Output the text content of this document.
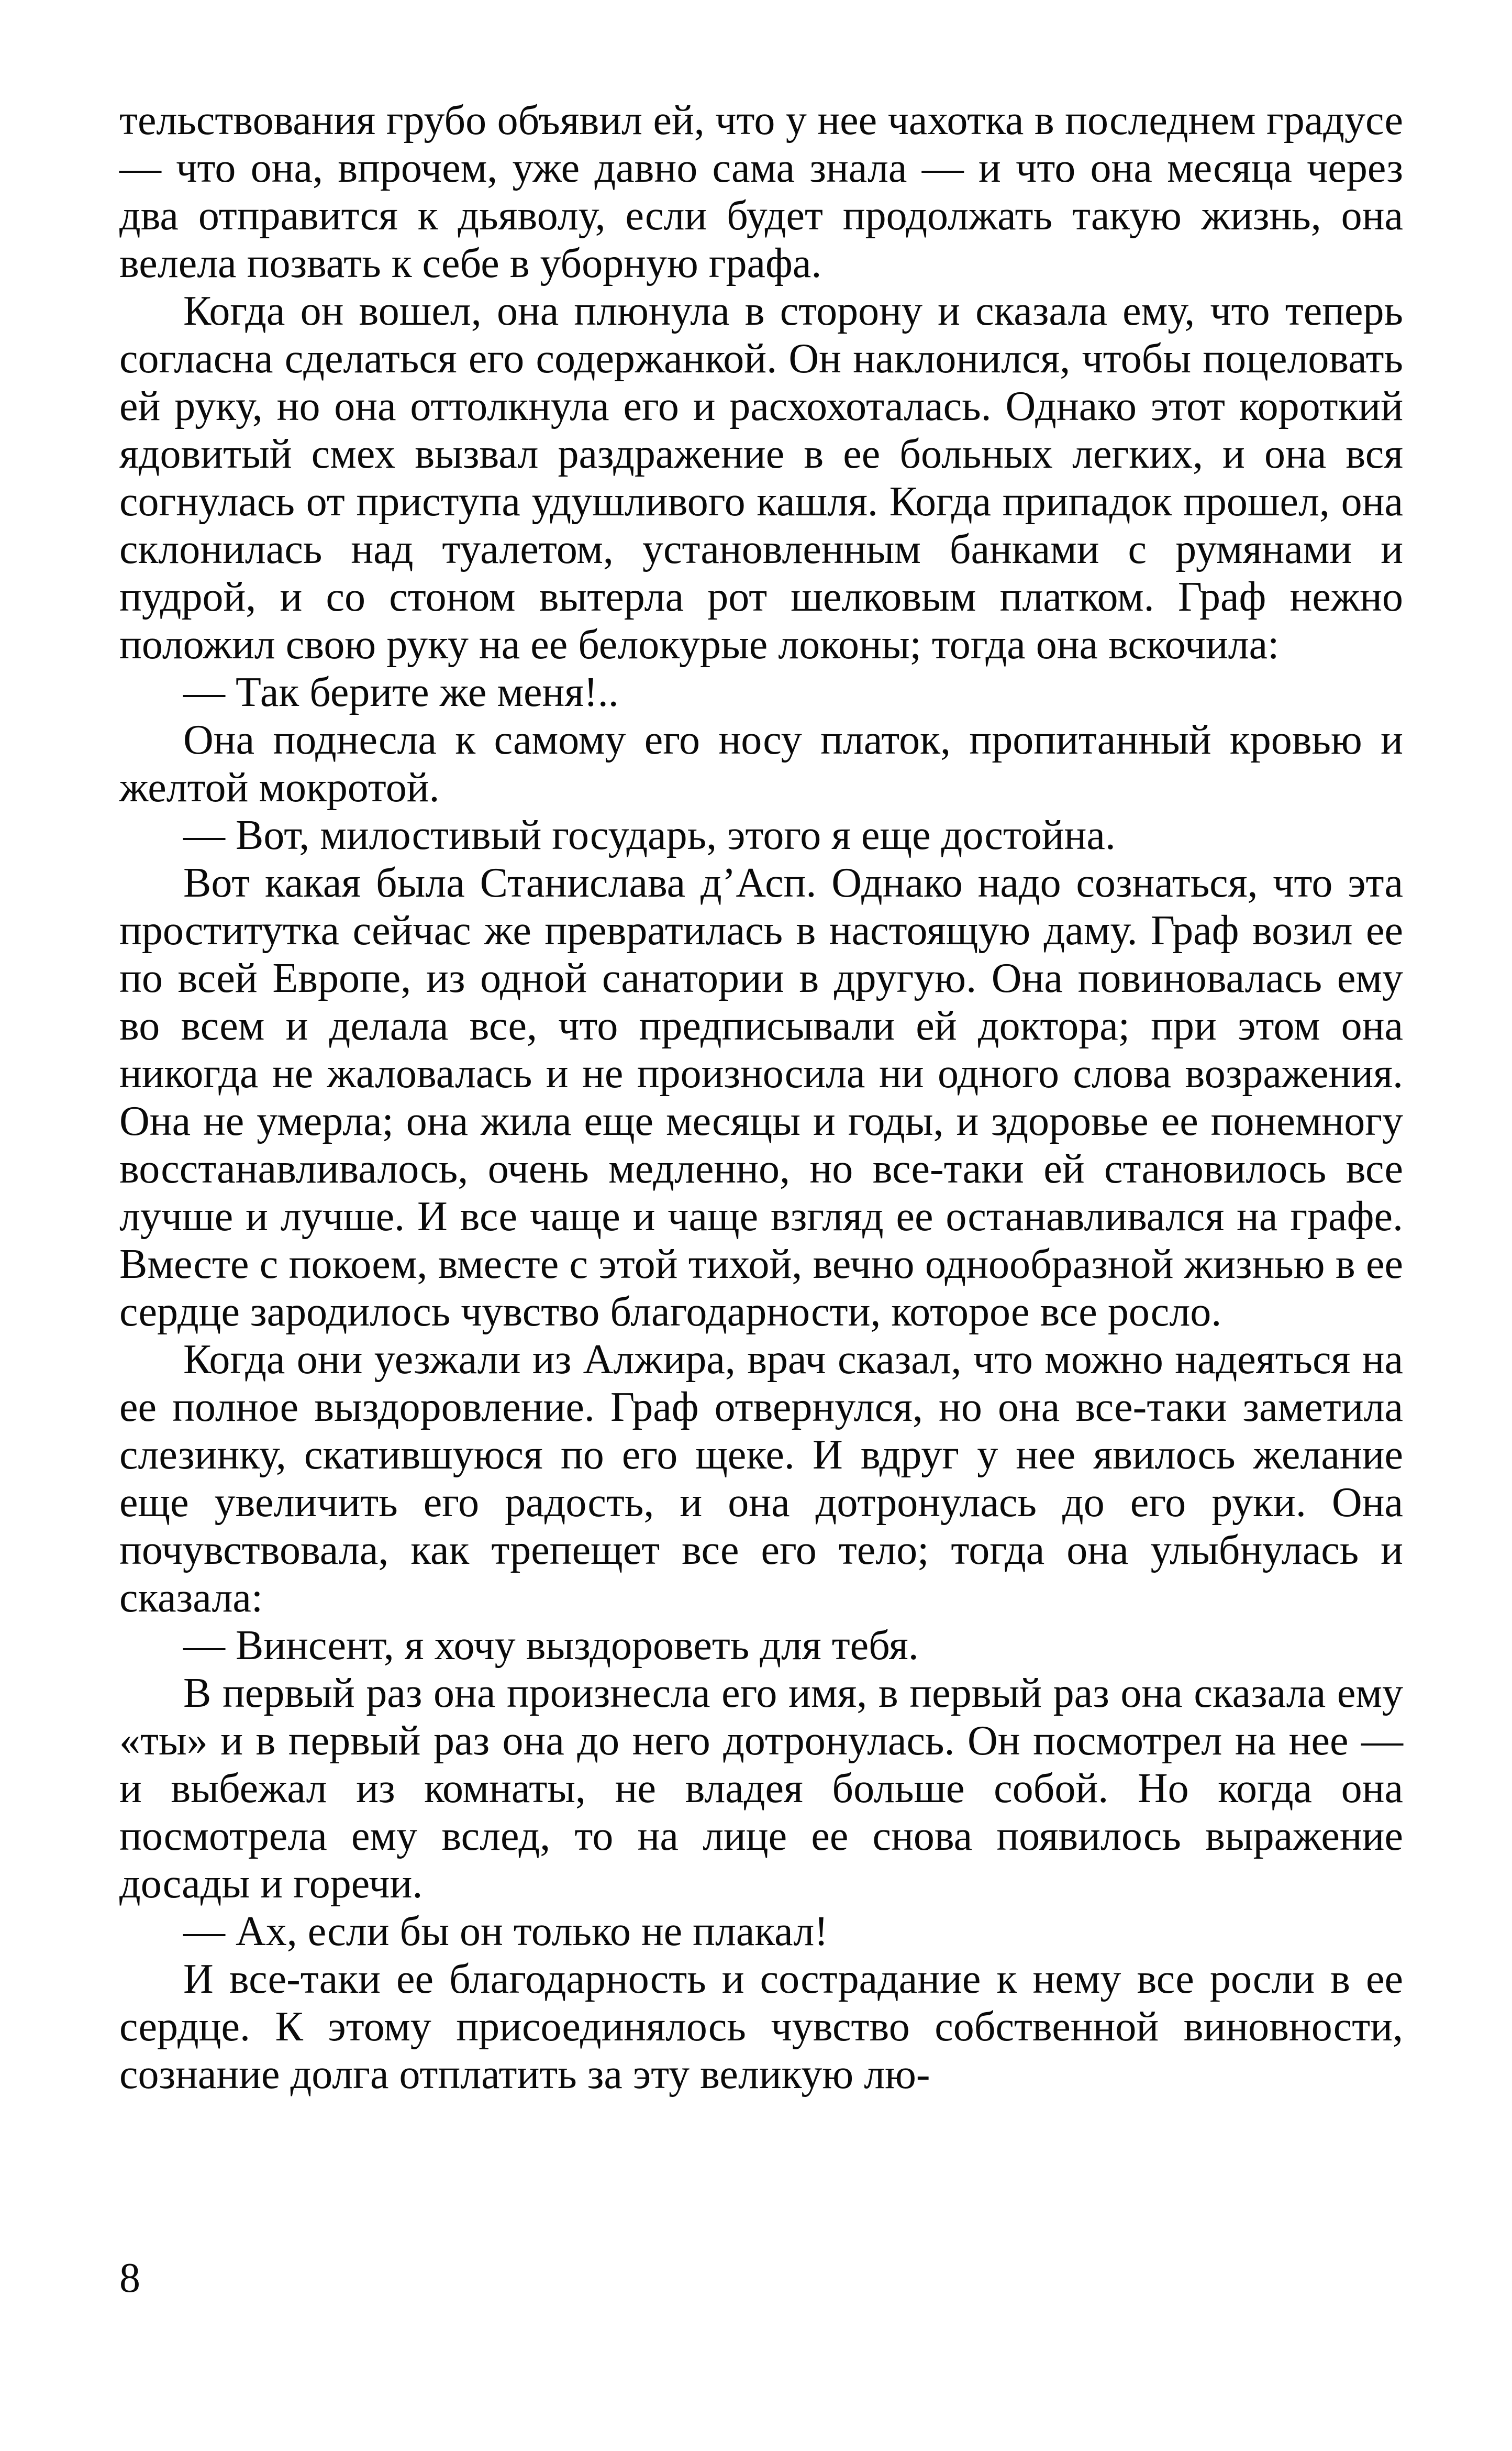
тельствования грубо объявил ей, что у нее чахотка в последнем градусе — что она, впрочем, уже давно сама знала — и что она месяца через два отправится к дьяволу, если будет продолжать такую жизнь, она велела позвать к себе в уборную графа.

Когда он вошел, она плюнула в сторону и сказала ему, что теперь согласна сделаться его содержанкой. Он наклонился, чтобы поцеловать ей руку, но она оттолкнула его и расхохоталась. Однако этот короткий ядовитый смех вызвал раздражение в ее больных легких, и она вся согнулась от приступа удушливого кашля. Когда припадок прошел, она склонилась над туалетом, установленным банками с румянами и пудрой, и со стоном вытерла рот шелковым платком. Граф нежно положил свою руку на ее белокурые локоны; тогда она вскочила:

— Так берите же меня!..

Она поднесла к самому его носу платок, пропитанный кровью и желтой мокротой.

— Вот, милостивый государь, этого я еще достойна.

Вот какая была Станислава д’Асп. Однако надо сознаться, что эта проститутка сейчас же превратилась в настоящую даму. Граф возил ее по всей Европе, из одной санатории в другую. Она повиновалась ему во всем и делала все, что предписывали ей доктора; при этом она никогда не жаловалась и не произносила ни одного слова возражения. Она не умерла; она жила еще месяцы и годы, и здоровье ее понемногу восстанавливалось, очень медленно, но все-таки ей становилось все лучше и лучше. И все чаще и чаще взгляд ее останавливался на графе. Вместе с покоем, вместе с этой тихой, вечно однообразной жизнью в ее сердце зародилось чувство благодарности, которое все росло.

Когда они уезжали из Алжира, врач сказал, что можно надеяться на ее полное выздоровление. Граф отвернулся, но она все-таки заметила слезинку, скатившуюся по его щеке. И вдруг у нее явилось желание еще увеличить его радость, и она дотронулась до его руки. Она почувствовала, как трепещет все его тело; тогда она улыбнулась и сказала:

— Винсент, я хочу выздороветь для тебя.

В первый раз она произнесла его имя, в первый раз она сказала ему «ты» и в первый раз она до него дотронулась. Он посмотрел на нее — и выбежал из комнаты, не владея больше собой. Но когда она посмотрела ему вслед, то на лице ее снова появилось выражение досады и горечи.

— Ах, если бы он только не плакал!

И все-таки ее благодарность и сострадание к нему все росли в ее сердце. К этому присоединялось чувство собственной виновности, сознание долга отплатить за эту великую лю-

8
